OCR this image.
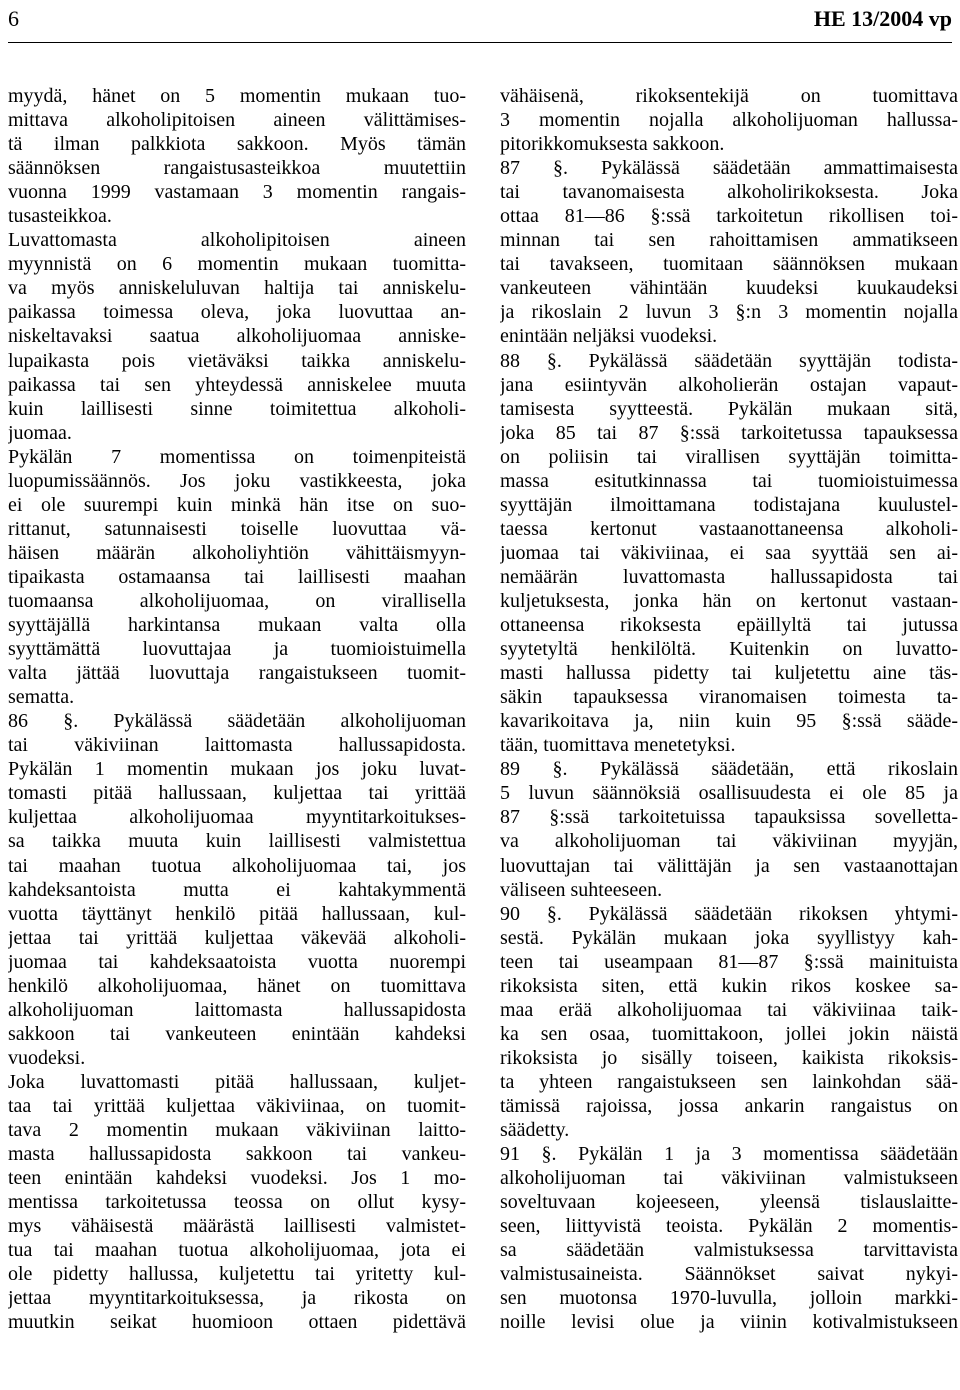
6	HE 13/2004 vp
myydä, hänet on 5 momentin mukaan tuo-
mittava alkoholipitoisen aineen välittämises-
tä ilman palkkiota sakkoon. Myös tämän
säännöksen rangaistusasteikkoa muutettiin
vuonna 1999 vastamaan 3 momentin rangais-
tusasteikkoa.
Luvattomasta alkoholipitoisen aineen
myynnistä on 6 momentin mukaan tuomitta-
va myös anniskeluluvan haltija tai anniskelu-
paikassa toimessa oleva, joka luovuttaa an-
niskeltavaksi saatua alkoholijuomaa anniske-
lupaikasta pois vietäväksi taikka anniskelu-
paikassa tai sen yhteydessä anniskelee muuta
kuin laillisesti sinne toimitettua alkoholi-
juomaa.
Pykälän 7 momentissa on toimenpiteistä
luopumissäännös. Jos joku vastikkeesta, joka
ei ole suurempi kuin minkä hän itse on suo-
rittanut, satunnaisesti toiselle luovuttaa vä-
häisen määrän alkoholiyhtiön vähittäismyyn-
tipaikasta ostamaansa tai laillisesti maahan
tuomaansa alkoholijuomaa, on virallisella
syyttäjällä harkintansa mukaan valta olla
syyttämättä luovuttajaa ja tuomioistuimella
valta jättää luovuttaja rangaistukseen tuomit-
sematta.
86 §. Pykälässä säädetään alkoholijuoman
tai väkiviinan laittomasta hallussapidosta.
Pykälän 1 momentin mukaan jos joku luvat-
tomasti pitää hallussaan, kuljettaa tai yrittää
kuljettaa alkoholijuomaa myyntitarkoitukses-
sa taikka muuta kuin laillisesti valmistettua
tai maahan tuotua alkoholijuomaa tai, jos
kahdeksantoista mutta ei kahtakymmentä
vuotta täyttänyt henkilö pitää hallussaan, kul-
jettaa tai yrittää kuljettaa väkevää alkoholi-
juomaa tai kahdeksaatoista vuotta nuorempi
henkilö alkoholijuomaa, hänet on tuomittava
alkoholijuoman laittomasta hallussapidosta
sakkoon tai vankeuteen enintään kahdeksi
vuodeksi.
Joka luvattomasti pitää hallussaan, kuljet-
taa tai yrittää kuljettaa väkiviinaa, on tuomit-
tava 2 momentin mukaan väkiviinan laitto-
masta hallussapidosta sakkoon tai vankeu-
teen enintään kahdeksi vuodeksi. Jos 1 mo-
mentissa tarkoitetussa teossa on ollut kysy-
mys vähäisestä määrästä laillisesti valmistet-
tua tai maahan tuotua alkoholijuomaa, jota ei
ole pidetty hallussa, kuljetettu tai yritetty kul-
jettaa myyntitarkoituksessa, ja rikosta on
muutkin seikat huomioon ottaen pidettävä
vähäisenä, rikoksentekijä on tuomittava
3 momentin nojalla alkoholijuoman hallussa-
pitorikkomuksesta sakkoon.
87 §. Pykälässä säädetään ammattimaisesta
tai tavanomaisesta alkoholirikoksesta. Joka
ottaa 81—86 §:ssä tarkoitetun rikollisen toi-
minnan tai sen rahoittamisen ammatikseen
tai tavakseen, tuomitaan säännöksen mukaan
vankeuteen vähintään kuudeksi kuukaudeksi
ja rikoslain 2 luvun 3 §:n 3 momentin nojalla
enintään neljäksi vuodeksi.
88 §. Pykälässä säädetään syyttäjän todista-
jana esiintyvän alkoholierän ostajan vapaut-
tamisesta syytteestä. Pykälän mukaan sitä,
joka 85 tai 87 §:ssä tarkoitetussa tapauksessa
on poliisin tai virallisen syyttäjän toimitta-
massa esitutkinnassa tai tuomioistuimessa
syyttäjän ilmoittamana todistajana kuulustel-
taessa kertonut vastaanottaneensa alkoholi-
juomaa tai väkiviinaa, ei saa syyttää sen ai-
nemäärän luvattomasta hallussapidosta tai
kuljetuksesta, jonka hän on kertonut vastaan-
ottaneensa rikoksesta epäillyltä tai jutussa
syytetyltä henkilöltä. Kuitenkin on luvatto-
masti hallussa pidetty tai kuljetettu aine täs-
säkin tapauksessa viranomaisen toimesta ta-
kavarikoitava ja, niin kuin 95 §:ssä sääde-
tään, tuomittava menetetyksi.
89 §. Pykälässä säädetään, että rikoslain
5 luvun säännöksiä osallisuudesta ei ole 85 ja
87 §:ssä tarkoitetuissa tapauksissa sovelletta-
va alkoholijuoman tai väkiviinan myyjän,
luovuttajan tai välittäjän ja sen vastaanottajan
väliseen suhteeseen.
90 §. Pykälässä säädetään rikoksen yhtymi-
sestä. Pykälän mukaan joka syyllistyy kah-
teen tai useampaan 81—87 §:ssä mainituista
rikoksista siten, että kukin rikos koskee sa-
maa erää alkoholijuomaa tai väkiviinaa taik-
ka sen osaa, tuomittakoon, jollei jokin näistä
rikoksista jo sisälly toiseen, kaikista rikoksis-
ta yhteen rangaistukseen sen lainkohdan sää-
tämissä rajoissa, jossa ankarin rangaistus on
säädetty.
91 §. Pykälän 1 ja 3 momentissa säädetään
alkoholijuoman tai väkiviinan valmistukseen
soveltuvaan kojeeseen, yleensä tislauslaitte-
seen, liittyvistä teoista. Pykälän 2 momentis-
sa säädetään valmistuksessa tarvittavista
valmistusaineista. Säännökset saivat nykyi-
sen muotonsa 1970-luvulla, jolloin markki-
noille levisi olue ja viinin kotivalmistukseen
